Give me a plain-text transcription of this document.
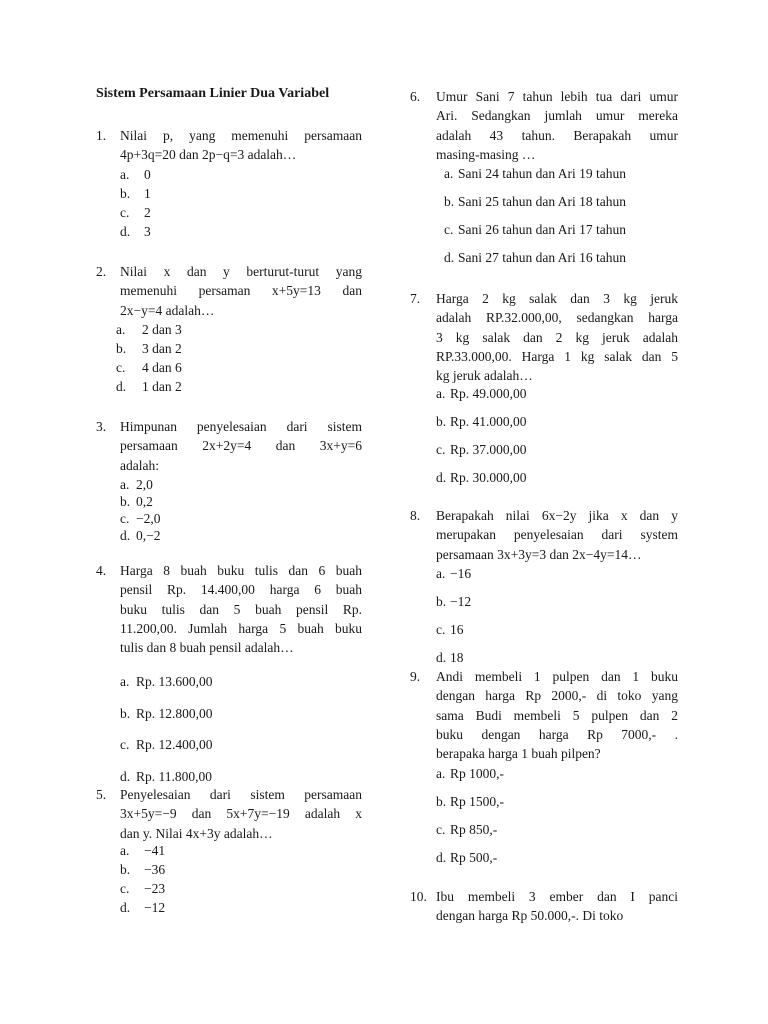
Sistem Persamaan Linier Dua Variabel
1. Nilai p, yang memenuhi persamaan
4p+3q=20 dan 2p−q=3 adalah…
a. 0
b. 1
c. 2
d. 3
2. Nilai x dan y berturut-turut yang
memenuhi persaman x+5y=13 dan
2x−y=4 adalah…
a. 2 dan 3
b. 3 dan 2
c. 4 dan 6
d. 1 dan 2
3. Himpunan penyelesaian dari sistem
persamaan 2x+2y=4 dan 3x+y=6
adalah:
a. 2,0
b. 0,2
c. −2,0
d. 0,−2
4. Harga 8 buah buku tulis dan 6 buah
pensil Rp. 14.400,00 harga 6 buah
buku tulis dan 5 buah pensil Rp.
11.200,00. Jumlah harga 5 buah buku
tulis dan 8 buah pensil adalah…
a. Rp. 13.600,00
b. Rp. 12.800,00
c. Rp. 12.400,00
d. Rp. 11.800,00
5. Penyelesaian dari sistem persamaan
3x+5y=−9 dan 5x+7y=−19 adalah x
dan y. Nilai 4x+3y adalah…
a. −41
b. −36
c. −23
d. −12
6. Umur Sani 7 tahun lebih tua dari umur
Ari. Sedangkan jumlah umur mereka
adalah 43 tahun. Berapakah umur
masing-masing …
a. Sani 24 tahun dan Ari 19 tahun
b. Sani 25 tahun dan Ari 18 tahun
c. Sani 26 tahun dan Ari 17 tahun
d. Sani 27 tahun dan Ari 16 tahun
7. Harga 2 kg salak dan 3 kg jeruk
adalah RP.32.000,00, sedangkan harga
3 kg salak dan 2 kg jeruk adalah
RP.33.000,00. Harga 1 kg salak dan 5
kg jeruk adalah…
a. Rp. 49.000,00
b. Rp. 41.000,00
c. Rp. 37.000,00
d. Rp. 30.000,00
8. Berapakah nilai 6x−2y jika x dan y
merupakan penyelesaian dari system
persamaan 3x+3y=3 dan 2x−4y=14…
a. −16
b. −12
c. 16
d. 18
9. Andi membeli 1 pulpen dan 1 buku
dengan harga Rp 2000,- di toko yang
sama Budi membeli 5 pulpen dan 2
buku dengan harga Rp 7000,- .
berapaka harga 1 buah pilpen?
a. Rp 1000,-
b. Rp 1500,-
c. Rp 850,-
d. Rp 500,-
10. Ibu membeli 3 ember dan I panci
dengan harga Rp 50.000,-. Di toko
